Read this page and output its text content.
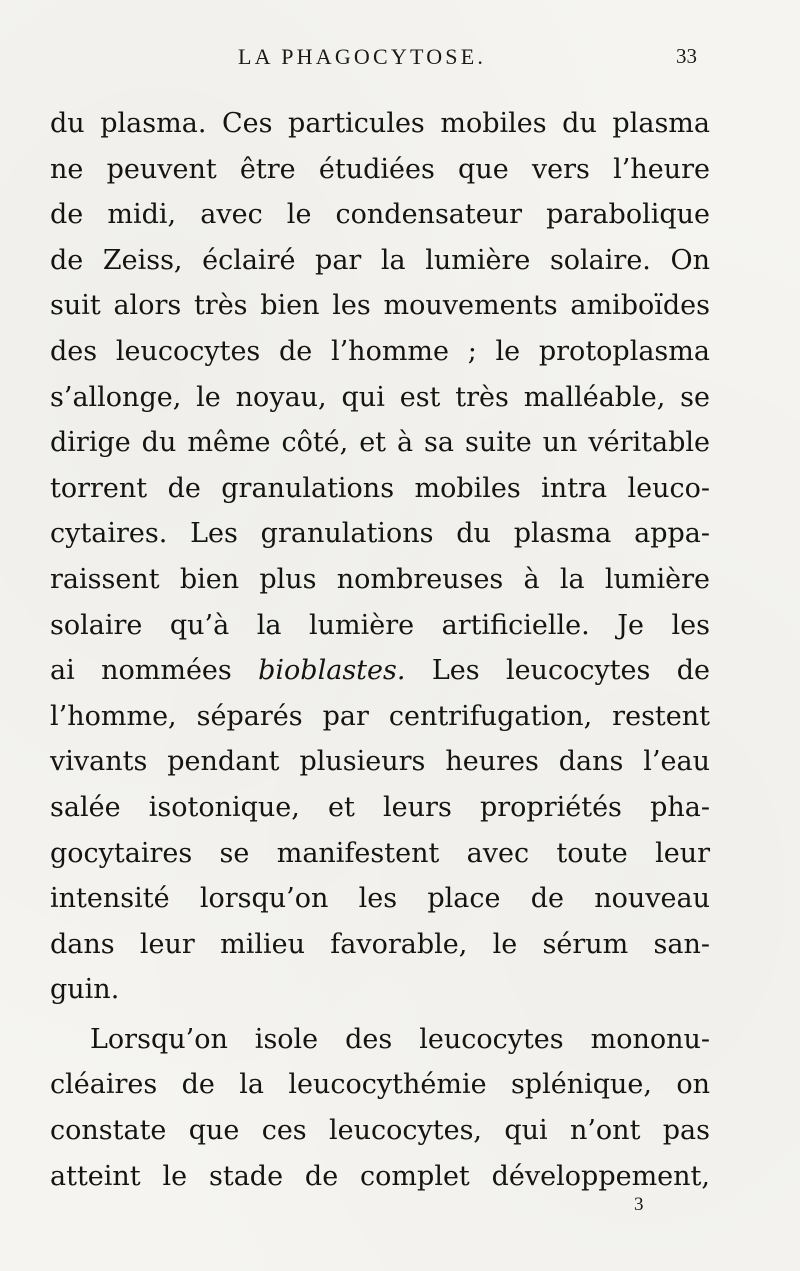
LA PHAGOCYTOSE.	33
du plasma. Ces particules mobiles du plasma
ne peuvent être étudiées que vers l’heure
de midi, avec le condensateur parabolique
de Zeiss, éclairé par la lumière solaire. On
suit alors très bien les mouvements amiboïdes
des leucocytes de l’homme ; le protoplasma
s’allonge, le noyau, qui est très malléable, se
dirige du même côté, et à sa suite un véritable
torrent de granulations mobiles intra leuco-
cytaires. Les granulations du plasma appa-
raissent bien plus nombreuses à la lumière
solaire qu’à la lumière artificielle. Je les
ai nommées bioblastes. Les leucocytes de
l’homme, séparés par centrifugation, restent
vivants pendant plusieurs heures dans l’eau
salée isotonique, et leurs propriétés pha-
gocytaires se manifestent avec toute leur
intensité lorsqu’on les place de nouveau
dans leur milieu favorable, le sérum san-
guin.
Lorsqu’on isole des leucocytes mononu-
cléaires de la leucocythémie splénique, on
constate que ces leucocytes, qui n’ont pas
atteint le stade de complet développement,
3
